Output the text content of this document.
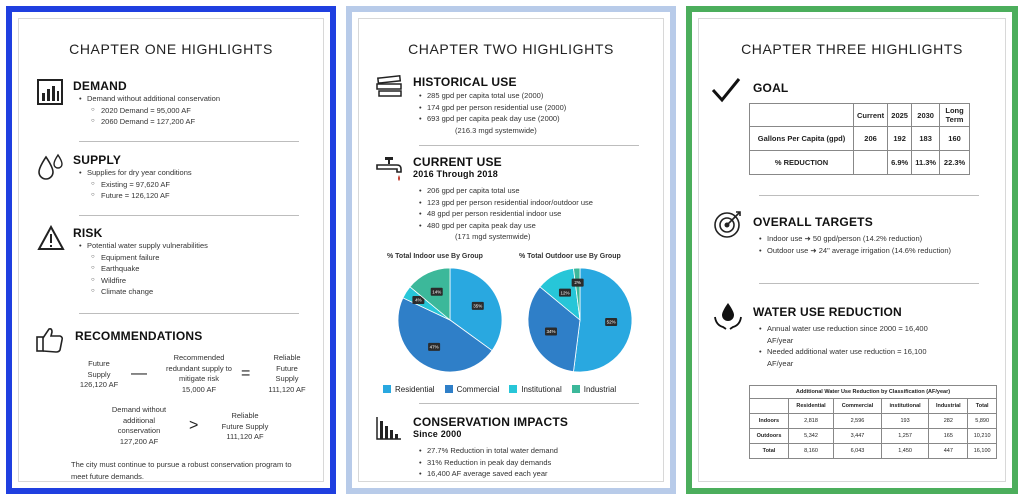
CHAPTER ONE HIGHLIGHTS
DEMAND
• Demand without additional conservation
○ 2020 Demand = 95,000 AF
○ 2060 Demand = 127,200 AF
SUPPLY
• Supplies for dry year conditions
○ Existing = 97,620 AF
○ Future = 126,120 AF
RISK
• Potential water supply vulnerabilities
○ Equipment failure
○ Earthquake
○ Wildfire
○ Climate change
RECOMMENDATIONS
Future
Supply
126,120 AF
—
Recommended
redundant supply to
mitigate risk
15,000 AF
=
Reliable
Future
Supply
111,120 AF
Demand without
additional
conservation
127,200 AF
>
Reliable
Future Supply
111,120 AF
The city must continue to pursue a robust conservation program to meet future demands.
CHAPTER TWO HIGHLIGHTS
HISTORICAL USE
• 285 gpd per capita total use (2000)
• 174 gpd per person residential use (2000)
• 693 gpd per capita peak day use (2000)
(216.3 mgd systemwide)
CURRENT USE
2016 Through 2018
• 206 gpd per capita total use
• 123 gpd per person residential indoor/outdoor use
• 48 gpd per person residential indoor use
• 480 gpd per capita peak day use
(171 mgd systemwide)
% Total Indoor use By Group	% Total Outdoor use By Group
35%
47%
4%
14%
52%
34%
12%
2%
Residential	Commercial	Institutional	Industrial
CONSERVATION IMPACTS
Since 2000
• 27.7% Reduction in total water demand
• 31% Reduction in peak day demands
• 16,400 AF average saved each year
CHAPTER THREE HIGHLIGHTS
GOAL
	Current	2025	2030	Long Term
Gallons Per Capita (gpd)	206	192	183	160
% REDUCTION		6.9%	11.3%	22.3%
OVERALL TARGETS
• Indoor use ➜ 50 gpd/person (14.2% reduction)
• Outdoor use ➜ 24" average irrigation (14.6% reduction)
WATER USE REDUCTION
• Annual water use reduction since 2000 = 16,400 AF/year
• Needed additional water use reduction = 16,100 AF/year
Additional Water Use Reduction by Classification (AF/year)					
	Residential	Commercial	institutional	Industrial	Total
Indoors	2,818	2,596	193	282	5,890
Outdoors	5,342	3,447	1,257	165	10,210
Total	8,160	6,043	1,450	447	16,100
